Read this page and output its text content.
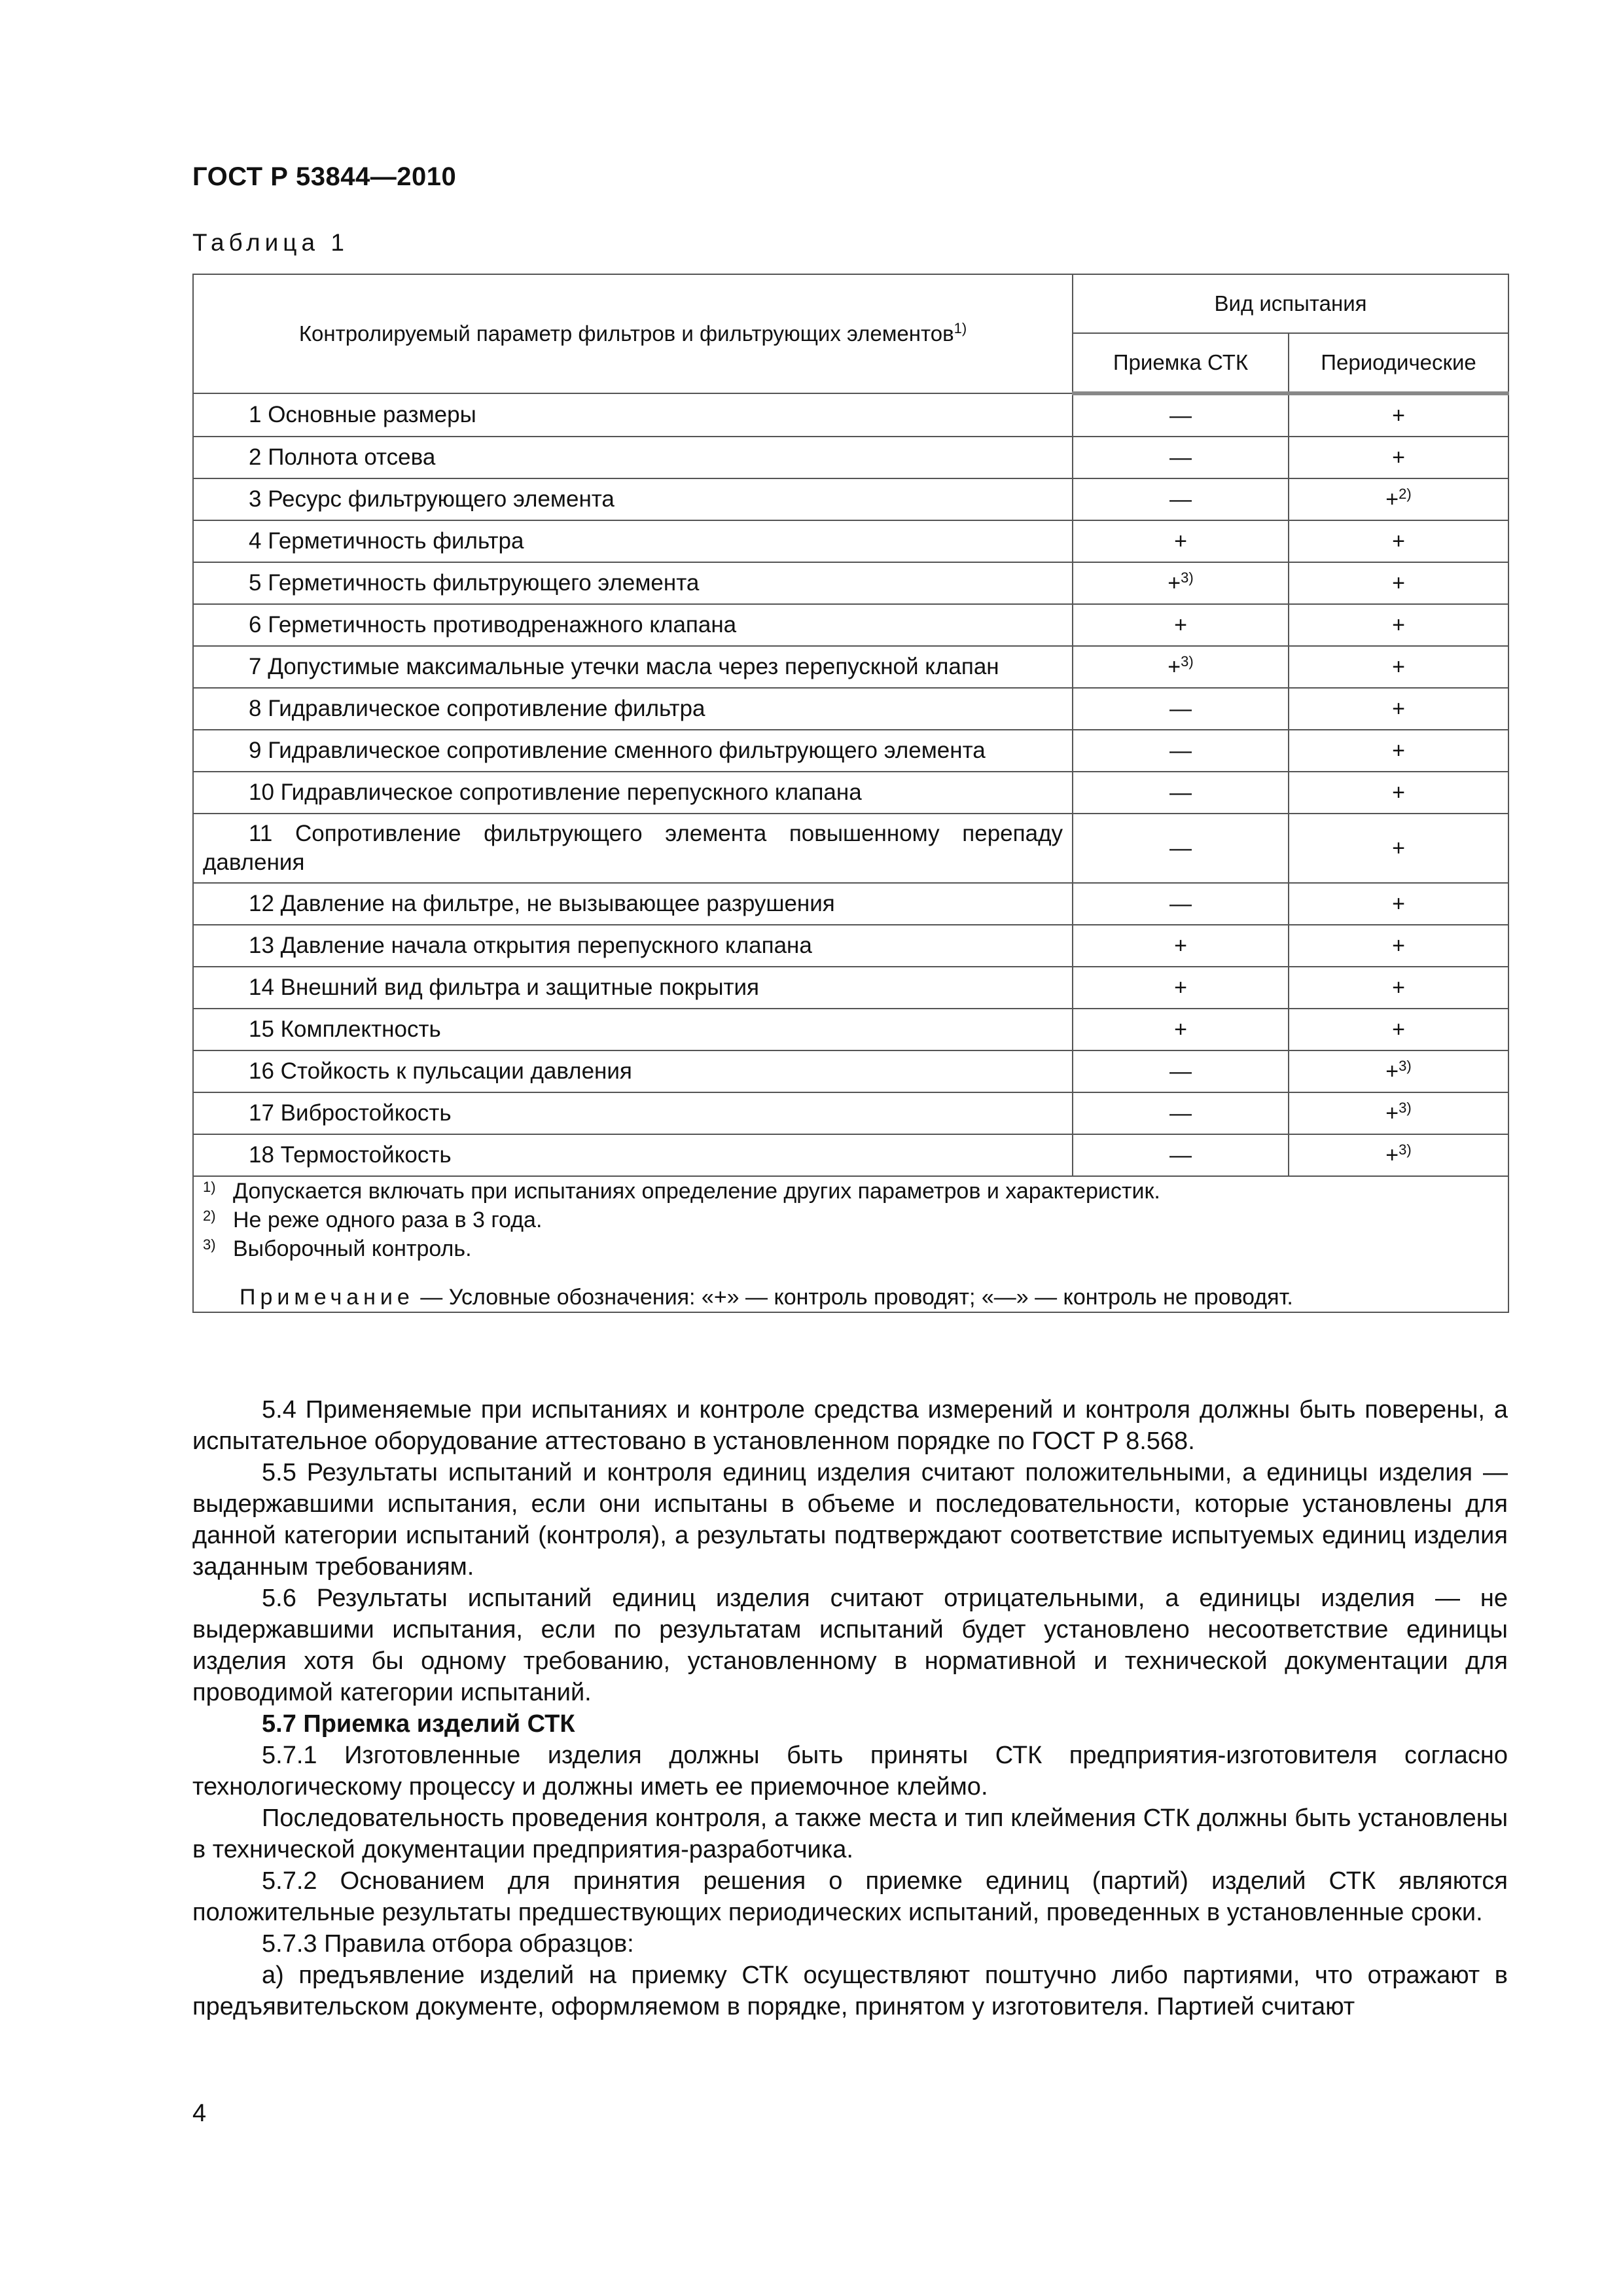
ГОСТ Р 53844—2010
Таблица 1
Контролируемый параметр фильтров и фильтрующих элементов$^{1)}$	Вид испытания	
	Приемка СТК	Периодические
1 Основные размеры	—	+
2 Полнота отсева	—	+
3 Ресурс фильтрующего элемента	—	+$^{2)}$
4 Герметичность фильтра	+	+
5 Герметичность фильтрующего элемента	+$^{3)}$	+
6 Герметичность противодренажного клапана	+	+
7 Допустимые максимальные утечки масла через перепускной клапан	+$^{3)}$	+
8 Гидравлическое сопротивление фильтра	—	+
9 Гидравлическое сопротивление сменного фильтрующего элемента	—	+
10 Гидравлическое сопротивление перепускного клапана	—	+
11 Сопротивление фильтрующего элемента повышенному перепаду давления	—	+
12 Давление на фильтре, не вызывающее разрушения	—	+
13 Давление начала открытия перепускного клапана	+	+
14 Внешний вид фильтра и защитные покрытия	+	+
15 Комплектность	+	+
16 Стойкость к пульсации давления	—	+$^{3)}$
17 Вибростойкость	—	+$^{3)}$
18 Термостойкость	—	+$^{3)}$

1) Допускается включать при испытаниях определение других параметров и характеристик.
2) Не реже одного раза в 3 года.
3) Выборочный контроль.
Примечание — Условные обозначения: «+» — контроль проводят; «—» — контроль не проводят.		

5.4 Применяемые при испытаниях и контроле средства измерений и контроля должны быть поверены, а испытательное оборудование аттестовано в установленном порядке по ГОСТ Р 8.568.

5.5 Результаты испытаний и контроля единиц изделия считают положительными, а единицы изделия — выдержавшими испытания, если они испытаны в объеме и последовательности, которые установлены для данной категории испытаний (контроля), а результаты подтверждают соответствие испытуемых единиц изделия заданным требованиям.

5.6 Результаты испытаний единиц изделия считают отрицательными, а единицы изделия — не выдержавшими испытания, если по результатам испытаний будет установлено несоответствие единицы изделия хотя бы одному требованию, установленному в нормативной и технической документации для проводимой категории испытаний.

5.7 Приемка изделий СТК

5.7.1 Изготовленные изделия должны быть приняты СТК предприятия-изготовителя согласно технологическому процессу и должны иметь ее приемочное клеймо.

Последовательность проведения контроля, а также места и тип клеймения СТК должны быть установлены в технической документации предприятия-разработчика.

5.7.2 Основанием для принятия решения о приемке единиц (партий) изделий СТК являются положительные результаты предшествующих периодических испытаний, проведенных в установленные сроки.

5.7.3 Правила отбора образцов:

а) предъявление изделий на приемку СТК осуществляют поштучно либо партиями, что отражают в предъявительском документе, оформляемом в порядке, принятом у изготовителя. Партией считают

4
